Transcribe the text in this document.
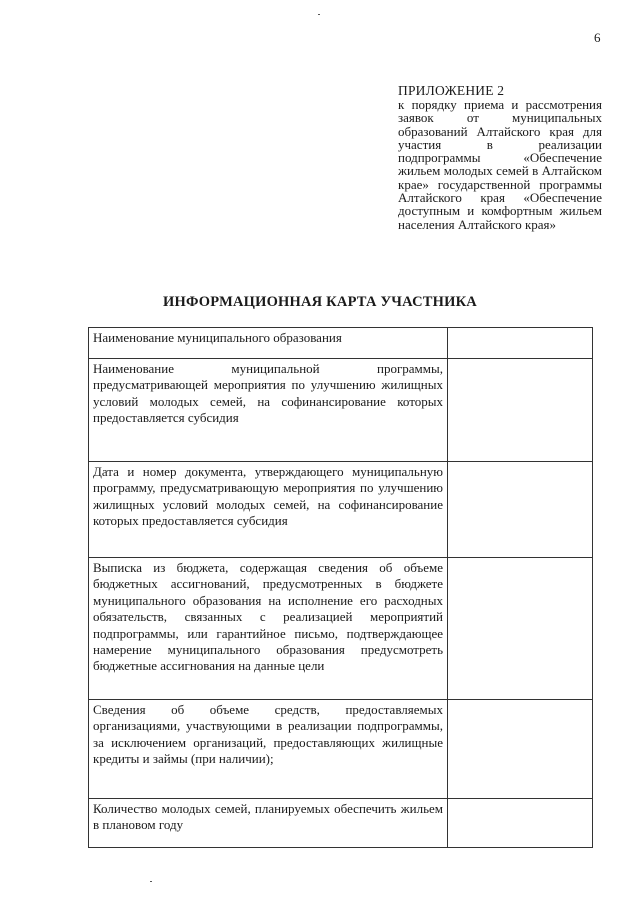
6

ПРИЛОЖЕНИЕ 2

к порядку приема и рассмотрения заявок от муниципальных образований Алтайского края для участия в реализации подпрограммы «Обеспечение жильем молодых семей в Алтайском крае» государственной программы Алтайского края «Обеспечение доступным и комфортным жильем населения Алтайского края»

ИНФОРМАЦИОННАЯ КАРТА УЧАСТНИКА
Наименование муниципального образования	
Наименование муниципальной программы, предусматривающей мероприятия по улучшению жилищных условий молодых семей, на софинансирование которых предоставляется субсидия	
Дата и номер документа, утверждающего муниципальную программу, предусматривающую мероприятия по улучшению жилищных условий молодых семей, на софинансирование которых предоставляется субсидия	
Выписка из бюджета, содержащая сведения об объеме бюджетных ассигнований, предусмотренных в бюджете муниципального образования на исполнение его расходных обязательств, связанных с реализацией мероприятий подпрограммы, или гарантийное письмо, подтверждающее намерение муниципального образования предусмотреть бюджетные ассигнования на данные цели	
Сведения об объеме средств, предоставляемых организациями, участвующими в реализации подпрограммы, за исключением организаций, предоставляющих жилищные кредиты и займы (при наличии);	
Количество молодых семей, планируемых обеспечить жильем в плановом году	
